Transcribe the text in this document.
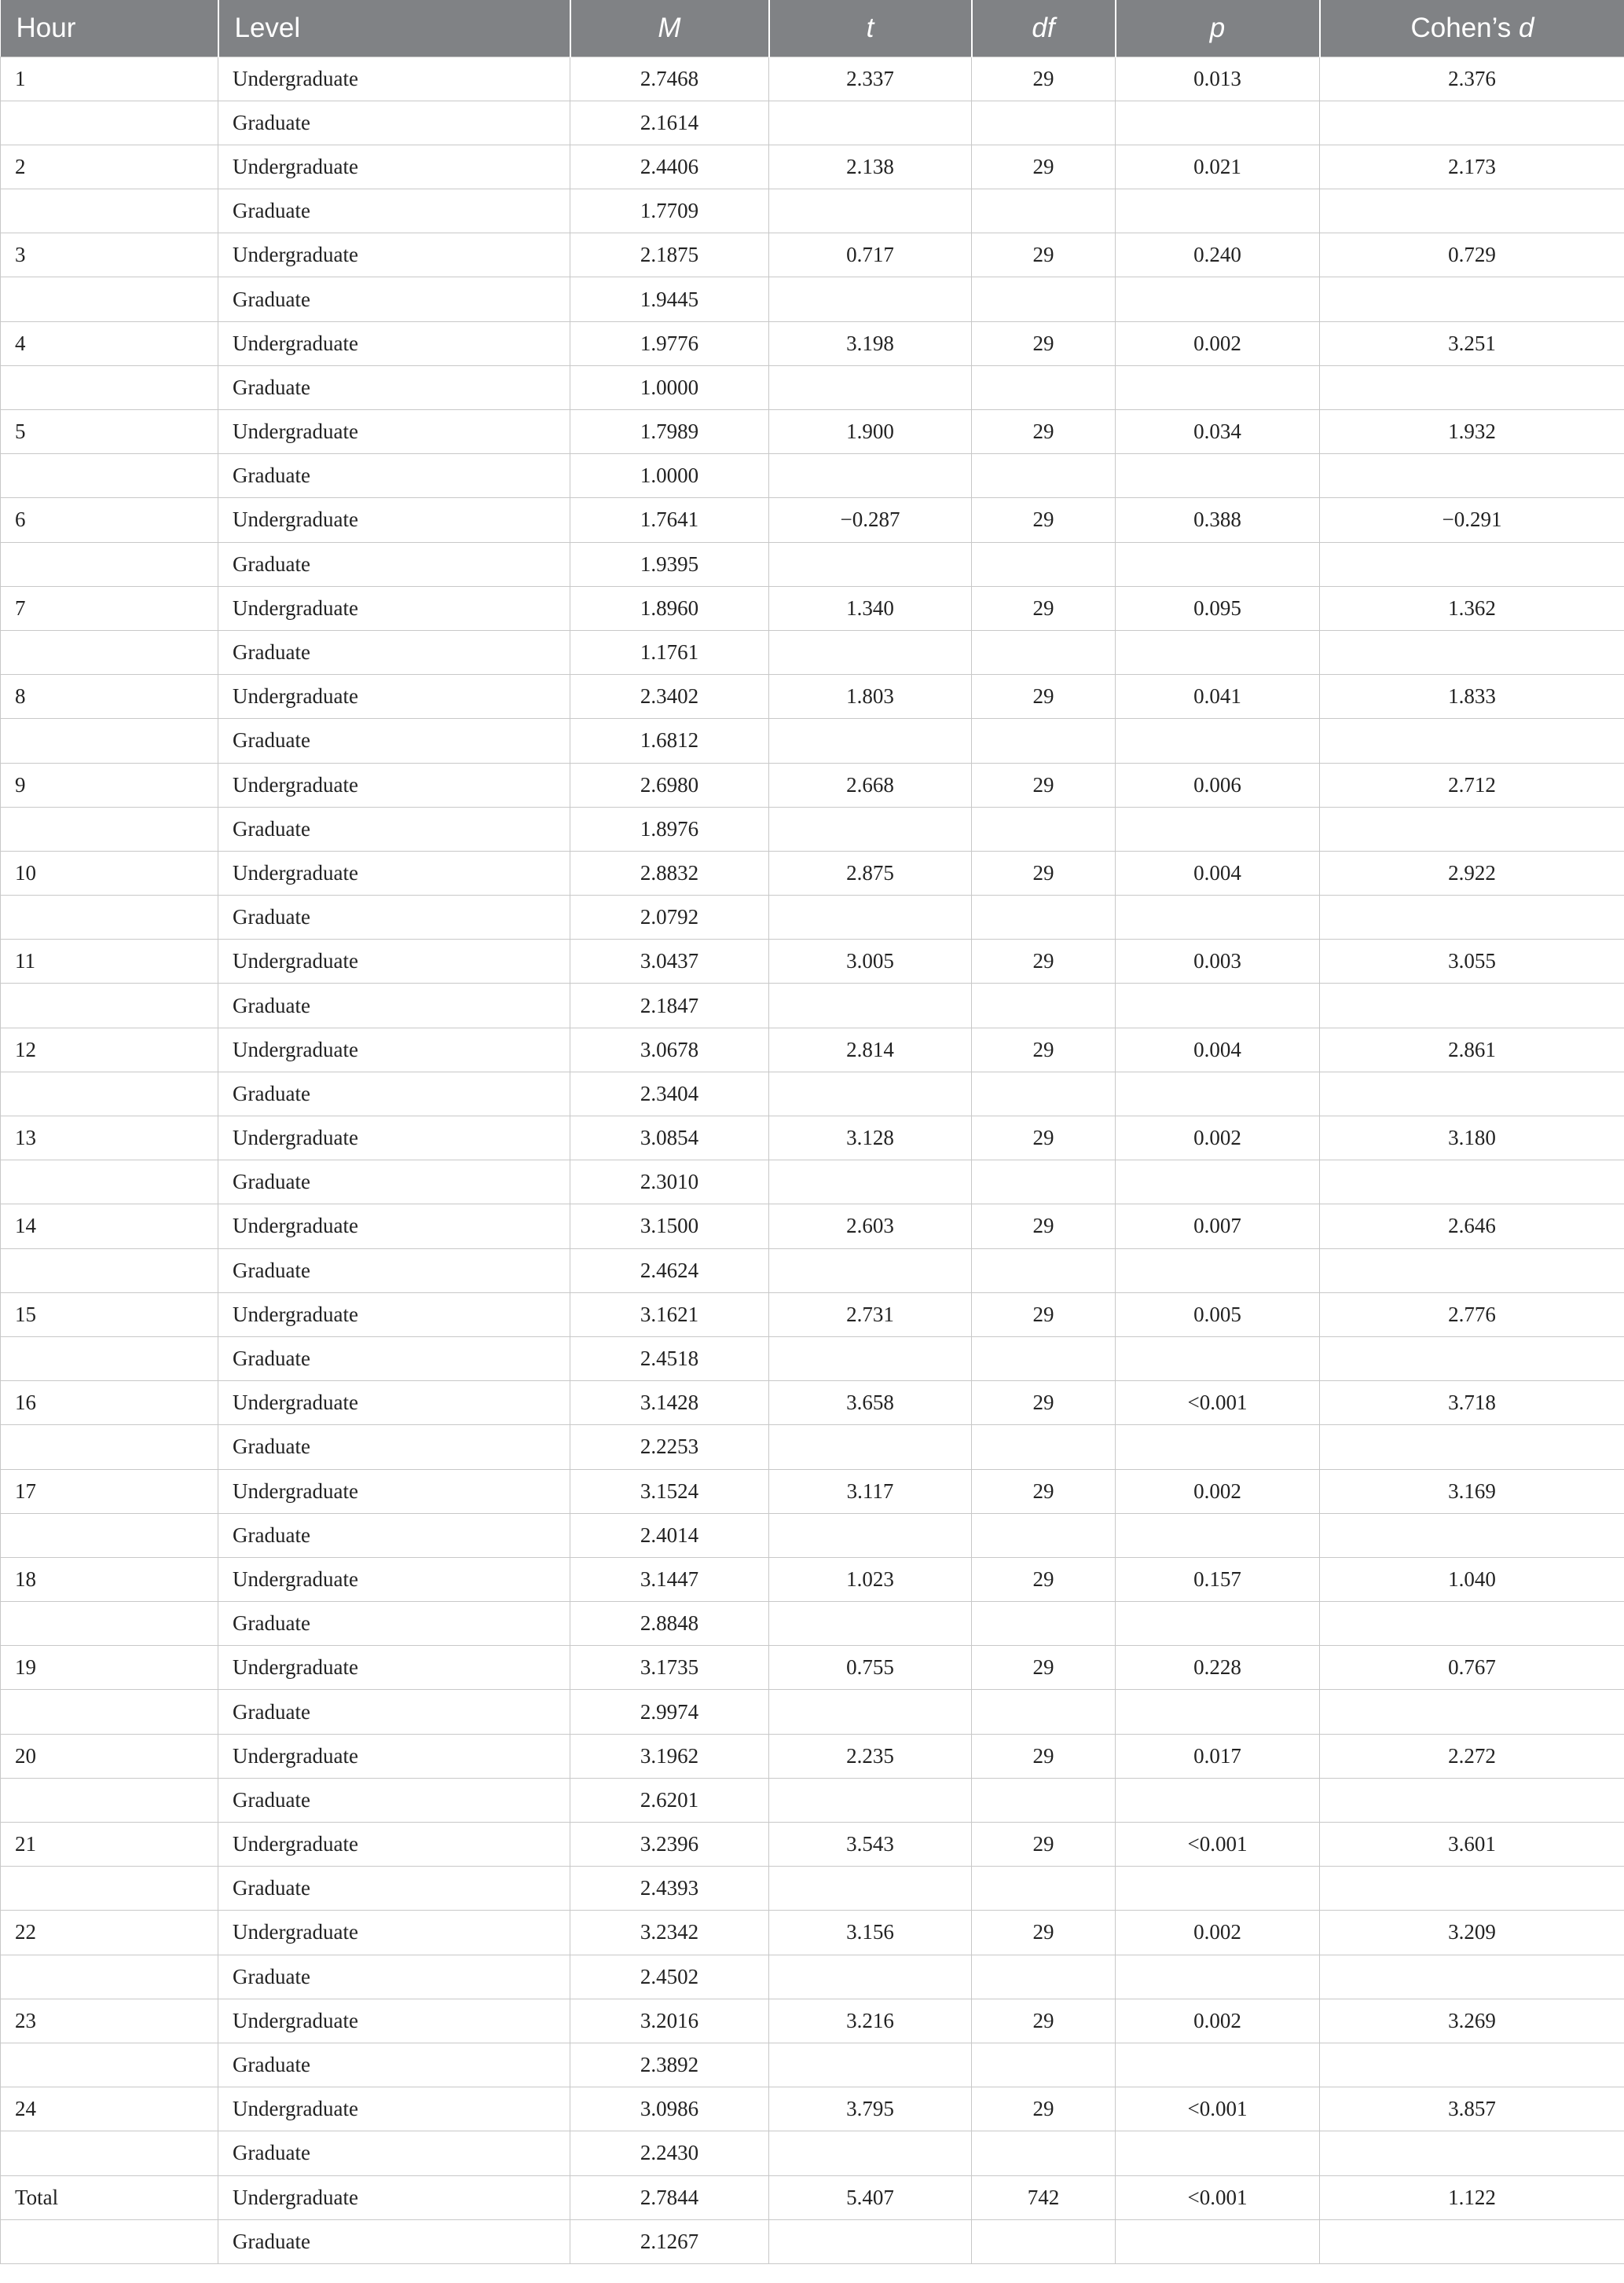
Hour	Level	M	t	df	p	Cohen’s d
1	Undergraduate	2.7468	2.337	29	0.013	2.376
	Graduate	2.1614				
2	Undergraduate	2.4406	2.138	29	0.021	2.173
	Graduate	1.7709				
3	Undergraduate	2.1875	0.717	29	0.240	0.729
	Graduate	1.9445				
4	Undergraduate	1.9776	3.198	29	0.002	3.251
	Graduate	1.0000				
5	Undergraduate	1.7989	1.900	29	0.034	1.932
	Graduate	1.0000				
6	Undergraduate	1.7641	−0.287	29	0.388	−0.291
	Graduate	1.9395				
7	Undergraduate	1.8960	1.340	29	0.095	1.362
	Graduate	1.1761				
8	Undergraduate	2.3402	1.803	29	0.041	1.833
	Graduate	1.6812				
9	Undergraduate	2.6980	2.668	29	0.006	2.712
	Graduate	1.8976				
10	Undergraduate	2.8832	2.875	29	0.004	2.922
	Graduate	2.0792				
11	Undergraduate	3.0437	3.005	29	0.003	3.055
	Graduate	2.1847				
12	Undergraduate	3.0678	2.814	29	0.004	2.861
	Graduate	2.3404				
13	Undergraduate	3.0854	3.128	29	0.002	3.180
	Graduate	2.3010				
14	Undergraduate	3.1500	2.603	29	0.007	2.646
	Graduate	2.4624				
15	Undergraduate	3.1621	2.731	29	0.005	2.776
	Graduate	2.4518				
16	Undergraduate	3.1428	3.658	29	<0.001	3.718
	Graduate	2.2253				
17	Undergraduate	3.1524	3.117	29	0.002	3.169
	Graduate	2.4014				
18	Undergraduate	3.1447	1.023	29	0.157	1.040
	Graduate	2.8848				
19	Undergraduate	3.1735	0.755	29	0.228	0.767
	Graduate	2.9974				
20	Undergraduate	3.1962	2.235	29	0.017	2.272
	Graduate	2.6201				
21	Undergraduate	3.2396	3.543	29	<0.001	3.601
	Graduate	2.4393				
22	Undergraduate	3.2342	3.156	29	0.002	3.209
	Graduate	2.4502				
23	Undergraduate	3.2016	3.216	29	0.002	3.269
	Graduate	2.3892				
24	Undergraduate	3.0986	3.795	29	<0.001	3.857
	Graduate	2.2430				
Total	Undergraduate	2.7844	5.407	742	<0.001	1.122
	Graduate	2.1267				
